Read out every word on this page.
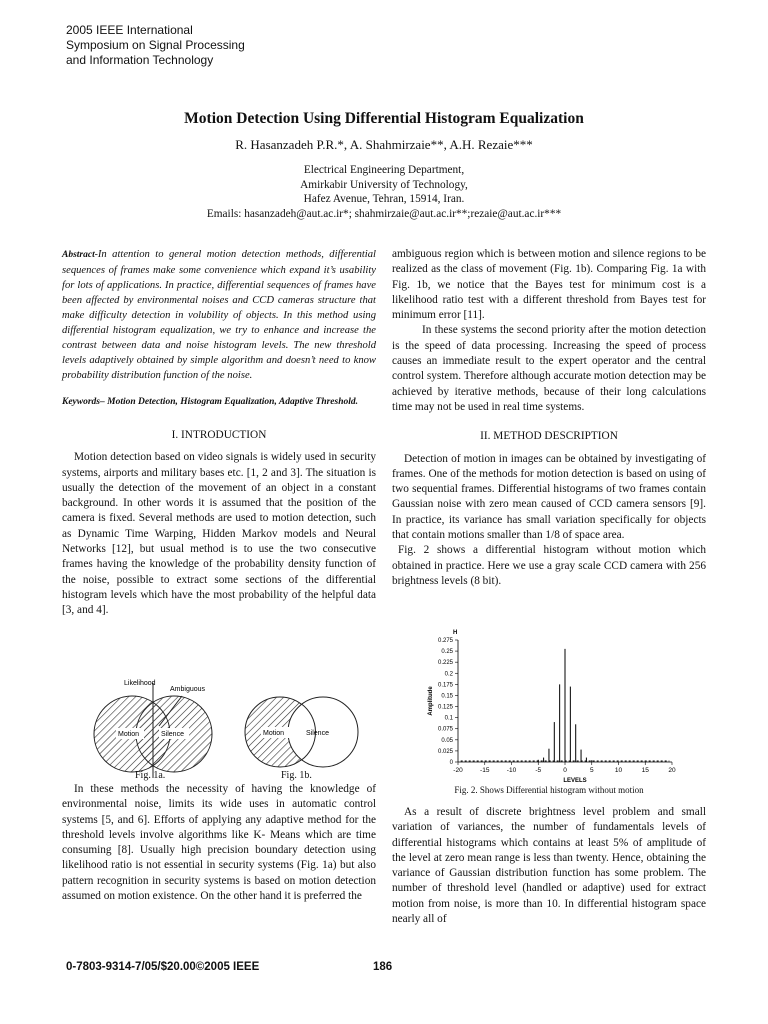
2005 IEEE International
Symposium on Signal Processing
and Information Technology
Motion Detection Using Differential Histogram Equalization
R. Hasanzadeh P.R.*, A. Shahmirzaie**, A.H. Rezaie***
Electrical Engineering Department,
Amirkabir University of Technology,
Hafez Avenue, Tehran, 15914, Iran.
Emails: hasanzadeh@aut.ac.ir*; shahmirzaie@aut.ac.ir**;rezaie@aut.ac.ir***

Abstract-In attention to general motion detection methods, differential sequences of frames make some convenience which expand it’s usability for lots of applications. In practice, differential sequences of frames have been affected by environmental noises and CCD cameras structure that make difficulty detection in volubility of objects. In this method using differential histogram equalization, we try to enhance and increase the contrast between data and noise histogram levels. The new threshold levels adaptively obtained by simple algorithm and doesn’t need to know probability distribution function of the noise.

Keywords– Motion Detection, Histogram Equalization, Adaptive Threshold.

I. INTRODUCTION

Motion detection based on video signals is widely used in security systems, airports and military bases etc. [1, 2 and 3]. The situation is usually the detection of the movement of an object in a constant background. In other words it is assumed that the position of the camera is fixed. Several methods are used to motion detection, such as Dynamic Time Warping, Hidden Markov models and Neural Networks [12], but usual method is to use the two consecutive frames having the knowledge of the probability density function of the noise, possible to extract some sections of the differential histogram levels which have the most probability of the helpful data [3, and 4].

Likelihood
Ambiguous
Motion	Silence	Motion	Silence
Fig. 1a.	Fig. 1b.

In these methods the necessity of having the knowledge of environmental noise, limits its wide uses in automatic control systems [5, and 6]. Efforts of applying any adaptive method for the threshold levels involve algorithms like K- Means which are time consuming [8]. Usually high precision boundary detection using likelihood ratio is not essential in security systems (Fig. 1a) but also pattern recognition in security systems is based on motion detection assumed on motion existence. On the other hand it is preferred the

ambiguous region which is between motion and silence regions to be realized as the class of movement (Fig. 1b). Comparing Fig. 1a with Fig. 1b, we notice that the Bayes test for minimum cost is a likelihood ratio test with a different threshold from Bayes test for minimum error [11].

In these systems the second priority after the motion detection is the speed of data processing. Increasing the speed of process causes an immediate result to the expert operator and the central control system. Therefore although accurate motion detection may be achieved by iterative methods, because of their long calculations time may not be used in real time systems.

II. METHOD DESCRIPTION

Detection of motion in images can be obtained by investigating of frames. One of the methods for motion detection is based on using of two sequential frames. Differential histograms of two frames contain Gaussian noise with zero mean caused of CCD camera sensors [9]. In practice, its variance has small variation specifically for objects that contain motions smaller than 1/8 of space area.

Fig. 2 shows a differential histogram without motion which obtained in practice. Here we use a gray scale CCD camera with 256 brightness levels (8 bit).

0
0.025
0.05
0.075
0.1
0.125
0.15
0.175
0.2
0.225
0.25
0.275
-20	-15	-10	-5	0	5	10	15	20
H
LEVELS
Amplitude
Fig. 2. Shows Differential histogram without motion

As a result of discrete brightness level problem and small variation of variances, the number of fundamentals levels of differential histograms which contains at least 5% of amplitude of the level at zero mean range is less than twenty. Hence, obtaining the variance of Gaussian distribution function has some problem. The number of threshold level (handled or adaptive) used for extract motion from noise, is more than 10. In differential histogram space nearly all of

0-7803-9314-7/05/$20.00©2005 IEEE	186
